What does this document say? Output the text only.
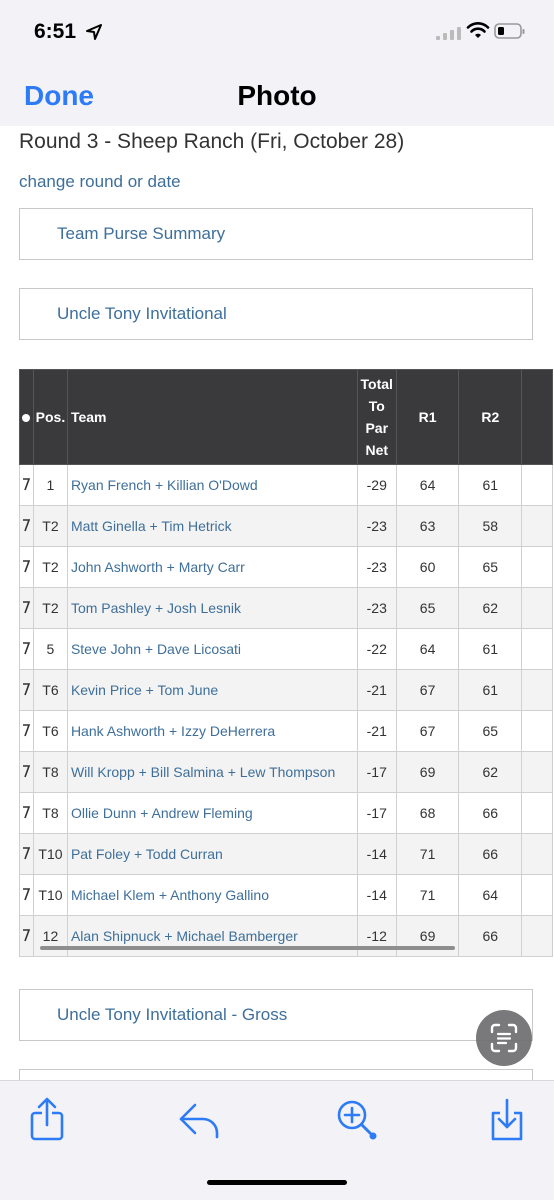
6:51
Done	Photo
Round 3 - Sheep Ranch (Fri, October 28)
change round or date
Team Purse Summary
Uncle Tony Invitational
	Pos.	Team	Total
To
Par
Net	R1	R2	
	1	Ryan French + Killian O'Dowd	-29	64	61	
	T2	Matt Ginella + Tim Hetrick	-23	63	58	
	T2	John Ashworth + Marty Carr	-23	60	65	
	T2	Tom Pashley + Josh Lesnik	-23	65	62	
	5	Steve John + Dave Licosati	-22	64	61	
	T6	Kevin Price + Tom June	-21	67	61	
	T6	Hank Ashworth + Izzy DeHerrera	-21	67	65	
	T8	Will Kropp + Bill Salmina + Lew Thompson	-17	69	62	
	T8	Ollie Dunn + Andrew Fleming	-17	68	66	
	T10	Pat Foley + Todd Curran	-14	71	66	
	T10	Michael Klem + Anthony Gallino	-14	71	64	
	12	Alan Shipnuck + Michael Bamberger	-12	69	66	
Uncle Tony Invitational - Gross
